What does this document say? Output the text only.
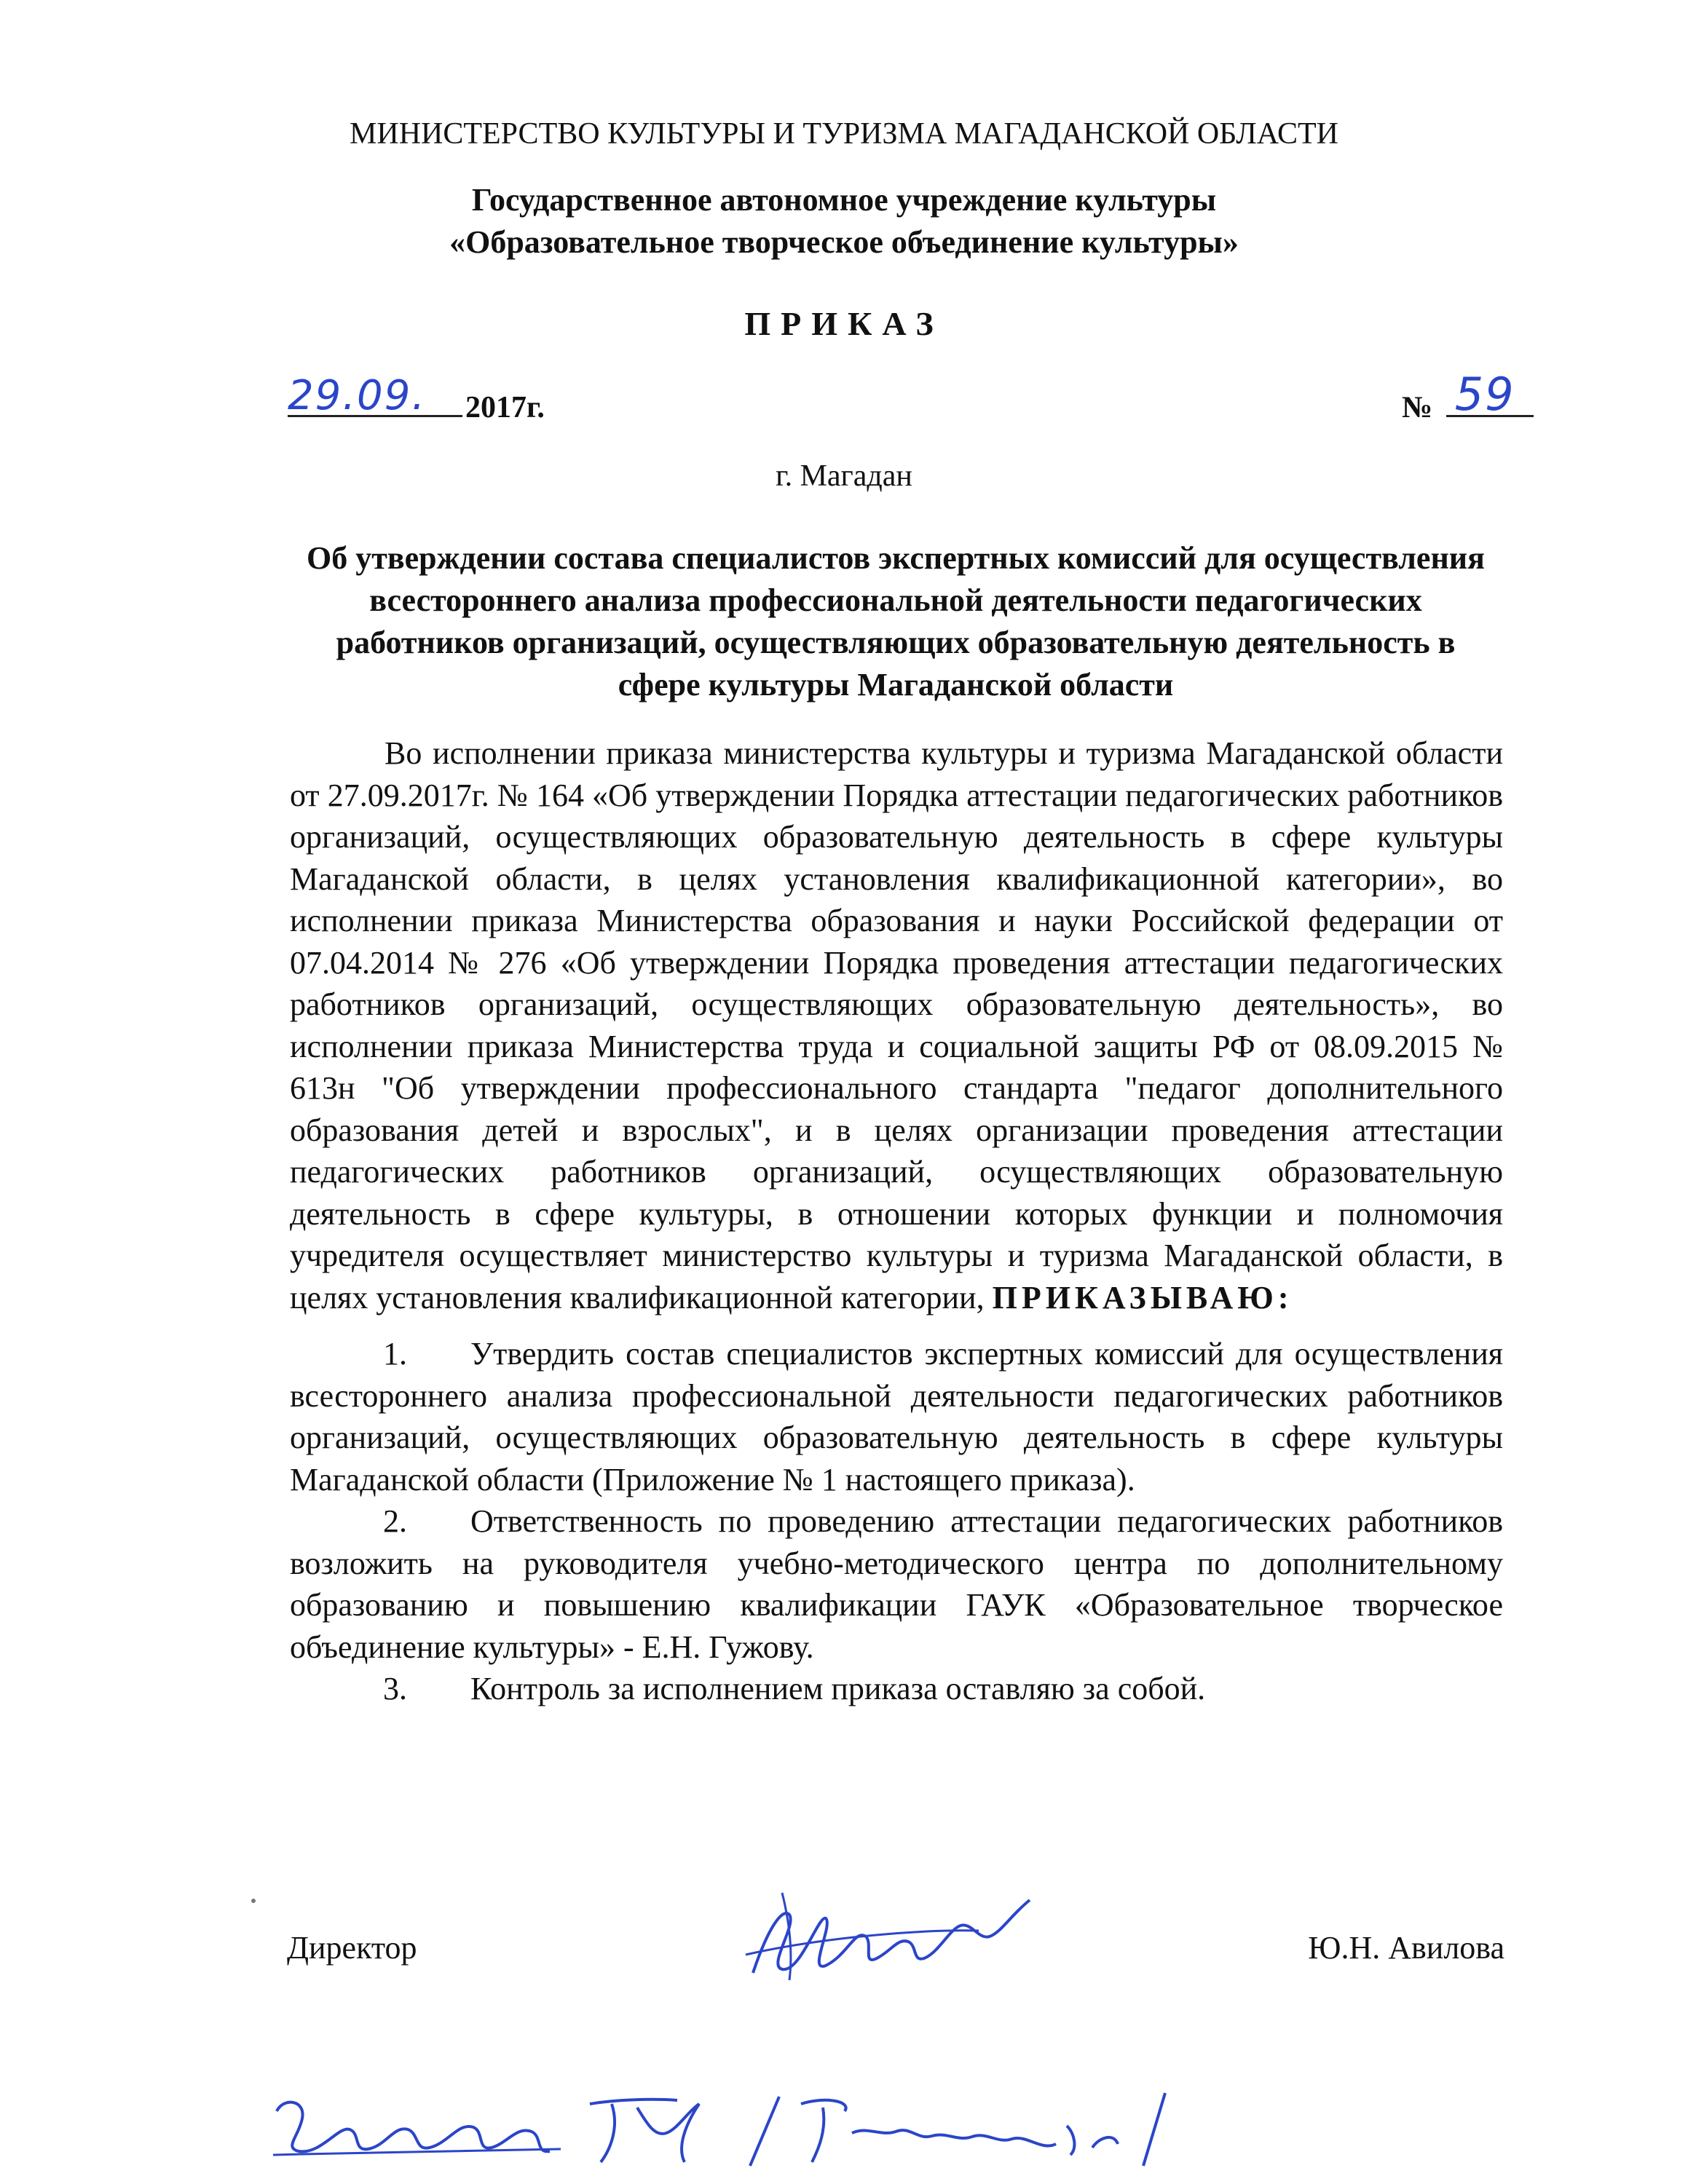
МИНИСТЕРСТВО КУЛЬТУРЫ И ТУРИЗМА МАГАДАНСКОЙ ОБЛАСТИ
Государственное автономное учреждение культуры
«Образовательное творческое объединение культуры»
ПРИКАЗ
29.09. 2017г.	№ 59
г. Магадан
Об утверждении состава специалистов экспертных комиссий для осуществления всестороннего анализа профессиональной деятельности педагогических работников организаций, осуществляющих образовательную деятельность в сфере культуры Магаданской области

Во исполнении приказа министерства культуры и туризма Магаданской области от 27.09.2017г. № 164 «Об утверждении Порядка аттестации педагогических работников организаций, осуществляющих образовательную деятельность в сфере культуры Магаданской области, в целях установления квалификационной категории», во исполнении приказа Министерства образования и науки Российской федерации от 07.04.2014 № 276 «Об утверждении Порядка проведения аттестации педагогических работников организаций, осуществляющих образовательную деятельность», во исполнении приказа Министерства труда и социальной защиты РФ от 08.09.2015 № 613н "Об утверждении профессионального стандарта "педагог дополнительного образования детей и взрослых", и в целях организации проведения аттестации педагогических работников организаций, осуществляющих образовательную деятельность в сфере культуры, в отношении которых функции и полномочия учредителя осуществляет министерство культуры и туризма Магаданской области, в целях установления квалификационной категории, ПРИКАЗЫВАЮ:

1. Утвердить состав специалистов экспертных комиссий для осуществления всестороннего анализа профессиональной деятельности педагогических работников организаций, осуществляющих образовательную деятельность в сфере культуры Магаданской области (Приложение № 1 настоящего приказа).

2. Ответственность по проведению аттестации педагогических работников возложить на руководителя учебно-методического центра по дополнительному образованию и повышению квалификации ГАУК «Образовательное творческое объединение культуры» - Е.Н. Гужову.

3. Контроль за исполнением приказа оставляю за собой.

Директор	Ю.Н. Авилова
